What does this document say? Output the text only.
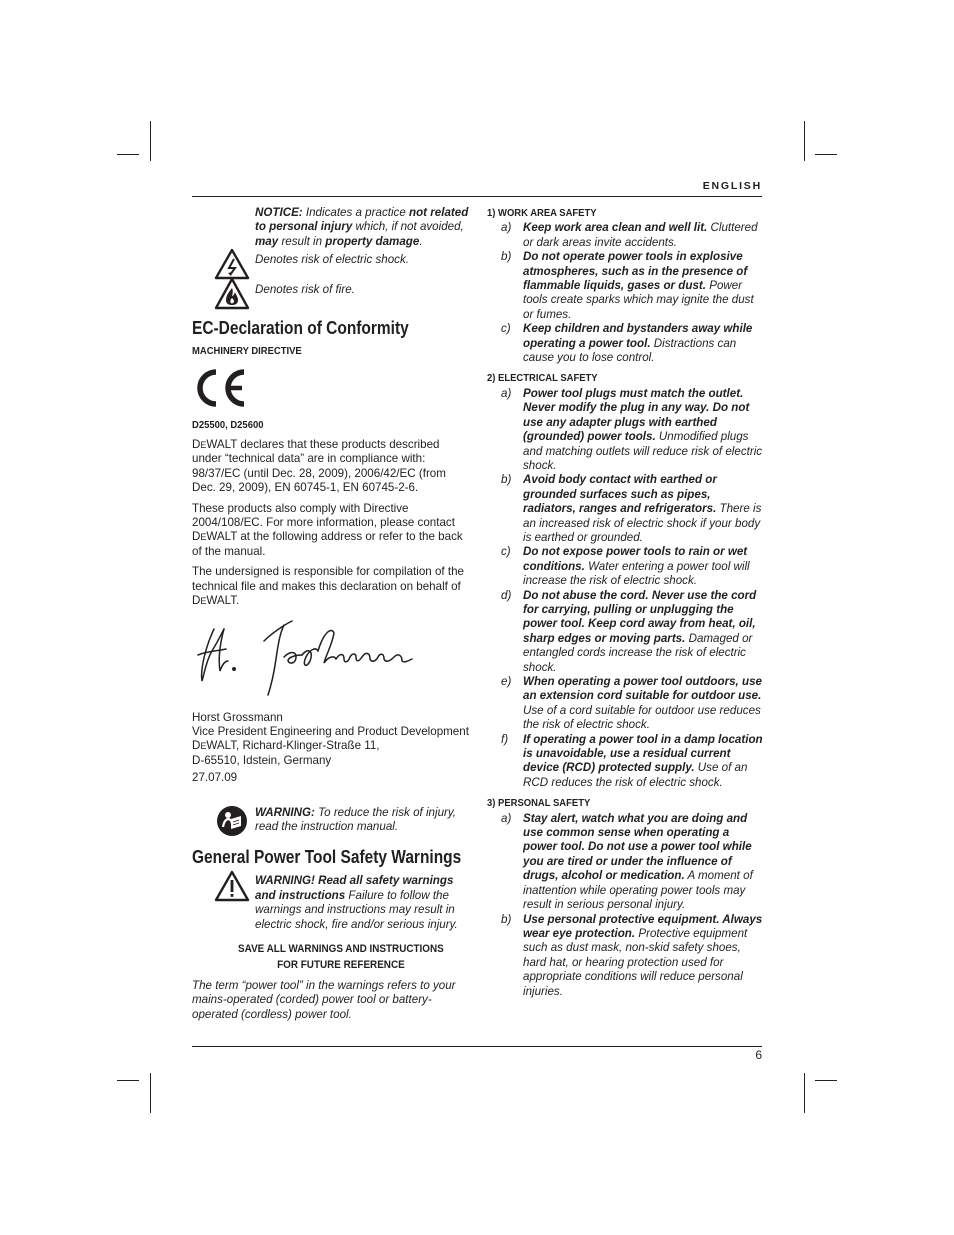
ENGLISH
6

NOTICE: Indicates a practice not related to personal injury which, if not avoided, may result in property damage.

Denotes risk of electric shock.

Denotes risk of fire.

EC-Declaration of Conformity
MACHINERY DIRECTIVE
D25500, D25600

DEWALT declares that these products described under “technical data” are in compliance with: 98/37/EC (until Dec. 28, 2009), 2006/42/EC (from Dec. 29, 2009), EN 60745-1, EN 60745-2-6.

These products also comply with Directive 2004/108/EC. For more information, please contact DEWALT at the following address or refer to the back of the manual.

The undersigned is responsible for compilation of the technical file and makes this declaration on behalf of DEWALT.

Horst Grossmann

Vice President Engineering and Product Development

DEWALT, Richard-Klinger-Straße 11,

D-65510, Idstein, Germany

27.07.09

WARNING: To reduce the risk of injury, read the instruction manual.

General Power Tool Safety Warnings

WARNING! Read all safety warnings and instructions Failure to follow the warnings and instructions may result in electric shock, fire and/or serious injury.

SAVE ALL WARNINGS AND INSTRUCTIONS
FOR FUTURE REFERENCE

The term “power tool” in the warnings refers to your mains-operated (corded) power tool or battery-operated (cordless) power tool.

1) WORK AREA SAFETY
a) Keep work area clean and well lit. Cluttered or dark areas invite accidents.

b) Do not operate power tools in explosive atmospheres, such as in the presence of flammable liquids, gases or dust. Power tools create sparks which may ignite the dust or fumes.

c) Keep children and bystanders away while operating a power tool. Distractions can cause you to lose control.

2) ELECTRICAL SAFETY
a) Power tool plugs must match the outlet. Never modify the plug in any way. Do not use any adapter plugs with earthed (grounded) power tools. Unmodified plugs and matching outlets will reduce risk of electric shock.

b) Avoid body contact with earthed or grounded surfaces such as pipes, radiators, ranges and refrigerators. There is an increased risk of electric shock if your body is earthed or grounded.

c) Do not expose power tools to rain or wet conditions. Water entering a power tool will increase the risk of electric shock.

d) Do not abuse the cord. Never use the cord for carrying, pulling or unplugging the power tool. Keep cord away from heat, oil, sharp edges or moving parts. Damaged or entangled cords increase the risk of electric shock.

e) When operating a power tool outdoors, use an extension cord suitable for outdoor use. Use of a cord suitable for outdoor use reduces the risk of electric shock.

f) If operating a power tool in a damp location is unavoidable, use a residual current device (RCD) protected supply. Use of an RCD reduces the risk of electric shock.

3) PERSONAL SAFETY
a) Stay alert, watch what you are doing and use common sense when operating a power tool. Do not use a power tool while you are tired or under the influence of drugs, alcohol or medication. A moment of inattention while operating power tools may result in serious personal injury.

b) Use personal protective equipment. Always wear eye protection. Protective equipment such as dust mask, non-skid safety shoes, hard hat, or hearing protection used for appropriate conditions will reduce personal injuries.
